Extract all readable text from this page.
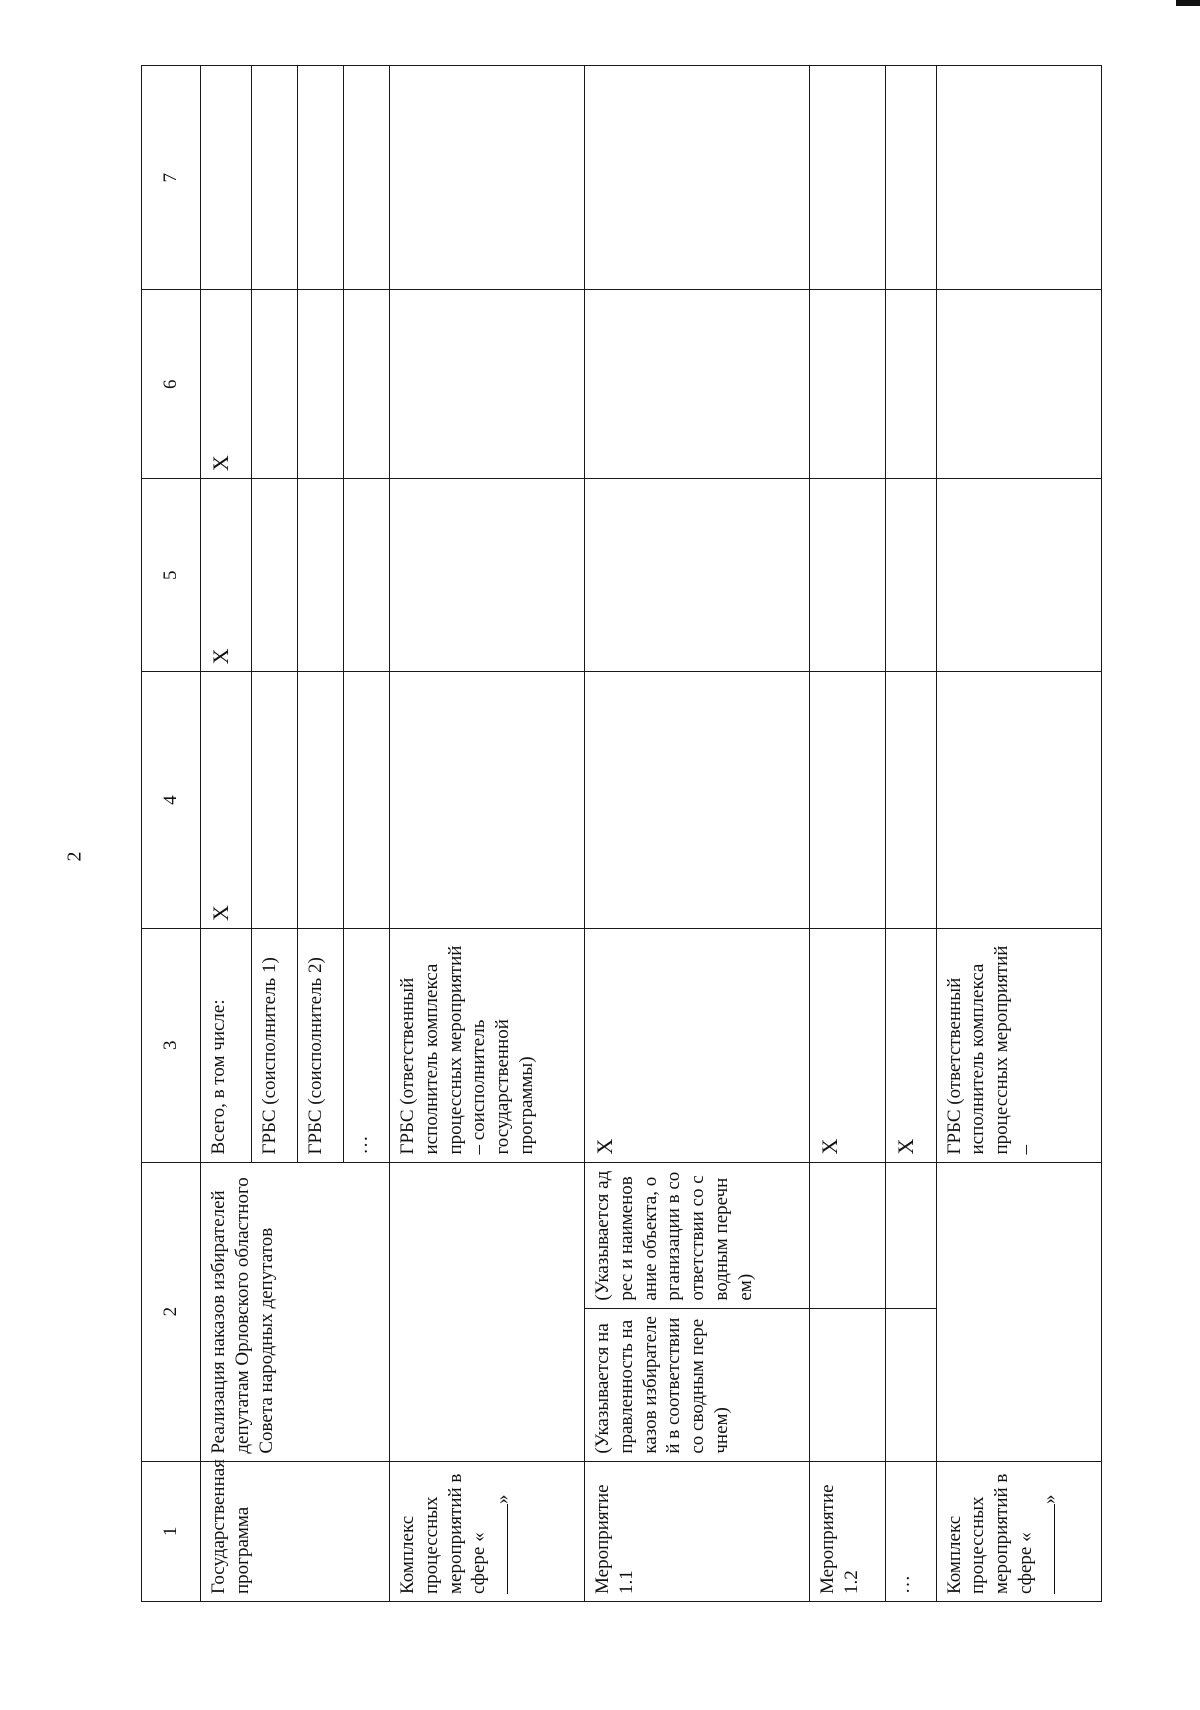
2
1	2		3	4	5	6	7
Государственная программа	Реализация наказов избирателей депутатам Орловского областного Совета народных депутатов		Всего, в том числе:	X	X	X	
			ГРБС (соисполнитель 1)				
			ГРБС (соисполнитель 2)				
			…				
Комплекс процессных мероприятий в сфере «»			ГРБС (ответственный исполнитель комплекса процессных мероприятий – соисполнитель государственной программы)				
Мероприятие 1.1	(Указывается направленность наказов избирателей в соответствии со сводным перечнем)	(Указывается адрес и наименование объекта, организации в соответствии со сводным перечнем)	X				
Мероприятие 1.2			X				
…			X				
Комплекс процессных мероприятий в сфере «»			ГРБС (ответственный исполнитель комплекса процессных мероприятий –				
